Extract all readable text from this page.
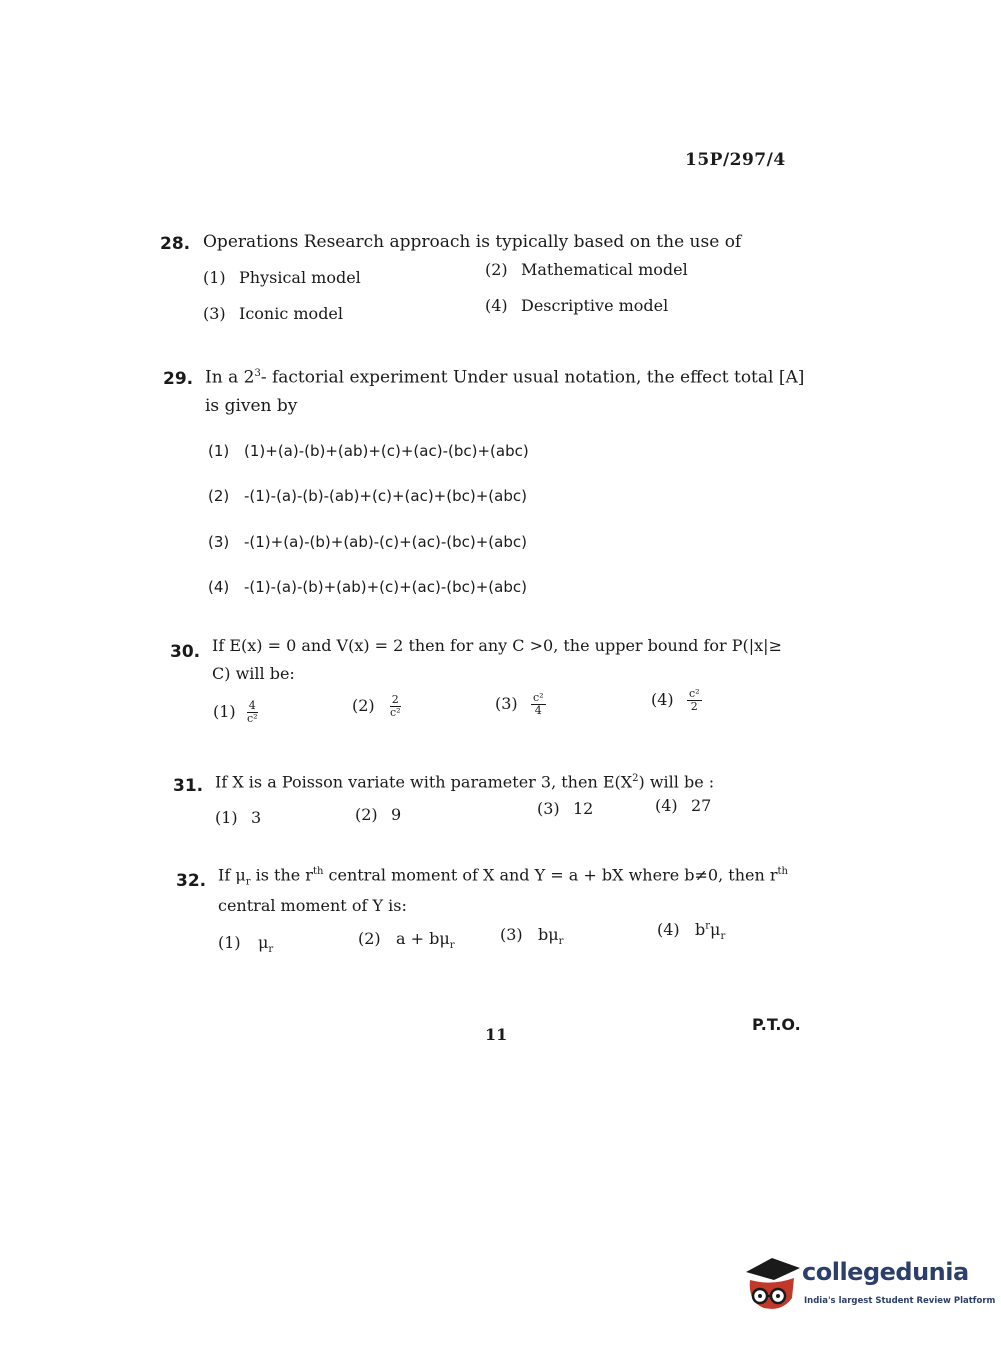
15P/297/4
28. Operations Research approach is typically based on the use of
(1) Physical model	(2) Mathematical model
(3) Iconic model	(4) Descriptive model
29. In a $2^3-$ factorial experiment Under usual notation, the effect total [A]
is given by
(1) (1)+(a)-(b)+(ab)+(c)+(ac)-(bc)+(abc)
(2) -(1)-(a)-(b)-(ab)+(c)+(ac)+(bc)+(abc)
(3) -(1)+(a)-(b)+(ab)-(c)+(ac)-(bc)+(abc)
(4) -(1)-(a)-(b)+(ab)+(c)+(ac)-(bc)+(abc)
30. If E(x) = 0 and V(x) = 2 then for any C >0, the upper bound for P(|x|≥
C) will be:
$(1) \frac{4}{\text{c²}}$	$(2) \frac{2}{\text{c²}}$	$(3) \frac{\text{c²}}{4}$	$(4) \frac{\text{c²}}{2}$
31. If X is a Poisson variate with parameter 3, then $E(X^2)$ will be :
(1) 3	(2) 9	(3) 12	(4) 27
32. If $\mu_r$ is the $r^{th}$ central moment of X and Y = a + bX where b≠0, then $r^{th}$
central moment of Y is:
(1) $\mu_r$
(2) $a + b\mu_r$
(3) $b\mu_r$
(4) $b^r\mu_r$
11
P.T.O.
collegedunia
India's largest Student Review Platform
